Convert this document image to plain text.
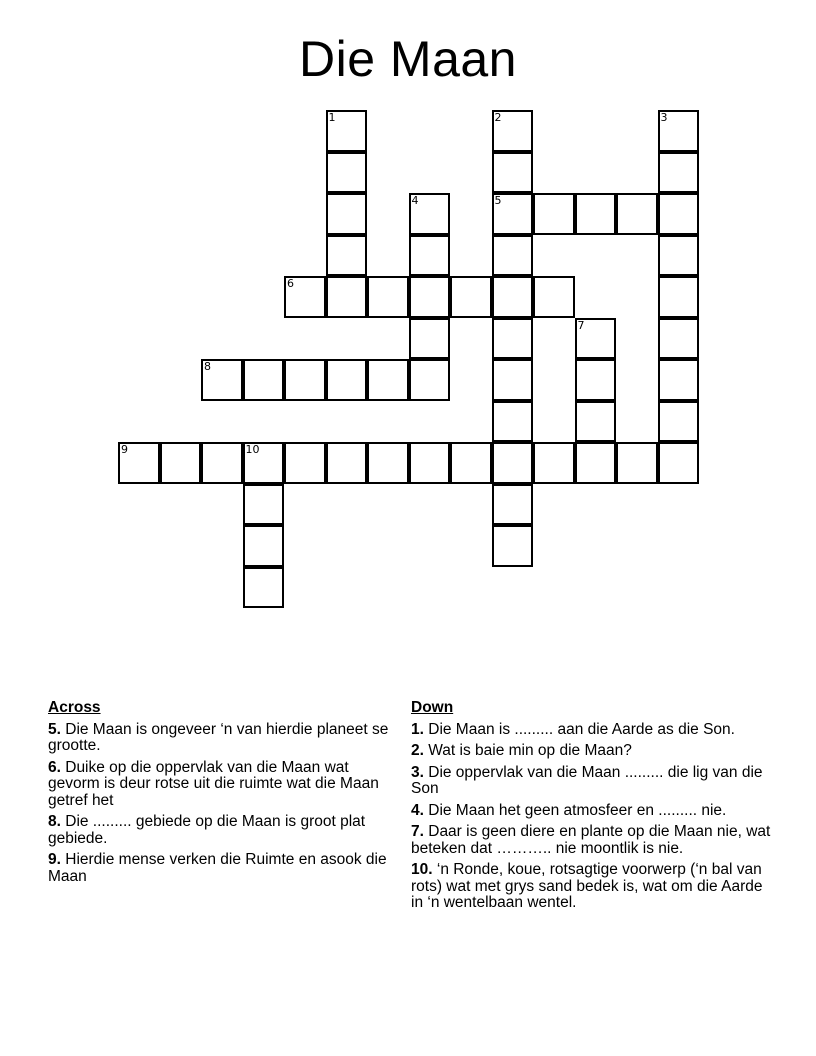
Die Maan
1	2	3
4	5
6
7
8
9	10
Across
5. Die Maan is ongeveer ‘n van hierdie planeet se grootte.
6. Duike op die oppervlak van die Maan wat gevorm is deur rotse uit die ruimte wat die Maan getref het
8. Die ......... gebiede op die Maan is groot plat gebiede.
9. Hierdie mense verken die Ruimte en asook die Maan
Down
1. Die Maan is ......... aan die Aarde as die Son.
2. Wat is baie min op die Maan?
3. Die oppervlak van die Maan ......... die lig van die Son
4. Die Maan het geen atmosfeer en ......... nie.
7. Daar is geen diere en plante op die Maan nie, wat beteken dat ……….. nie moontlik is nie.
10. ‘n Ronde, koue, rotsagtige voorwerp (‘n bal van rots) wat met grys sand bedek is, wat om die Aarde in ‘n wentelbaan wentel.
